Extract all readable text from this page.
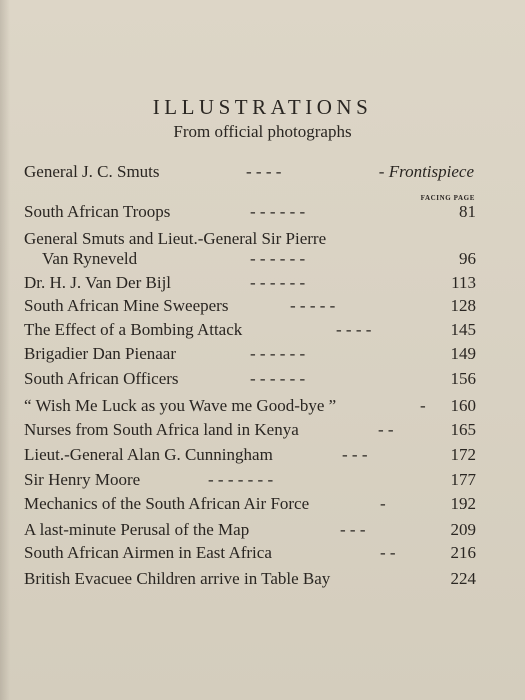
ILLUSTRATIONS
From official photographs
General J. C. Smuts	- - - -	- Frontispiece
FACING PAGE
South African Troops	- - - - - -	81
General Smuts and Lieut.-General Sir Pierre
Van Ryneveld	- - - - - -	96
Dr. H. J. Van Der Bijl	- - - - - -	113
South African Mine Sweepers	- - - - -	128
The Effect of a Bombing Attack	- - - -	145
Brigadier Dan Pienaar	- - - - - -	149
South African Officers	- - - - - -	156
“ Wish Me Luck as you Wave me Good-bye ”	- 160
Nurses from South Africa land in Kenya	- -	165
Lieut.-General Alan G. Cunningham	- - -	172
Sir Henry Moore	- - - - - - -	177
Mechanics of the South African Air Force	-	192
A last-minute Perusal of the Map	- - -	209
South African Airmen in East Africa	- -	216
British Evacuee Children arrive in Table Bay	224
